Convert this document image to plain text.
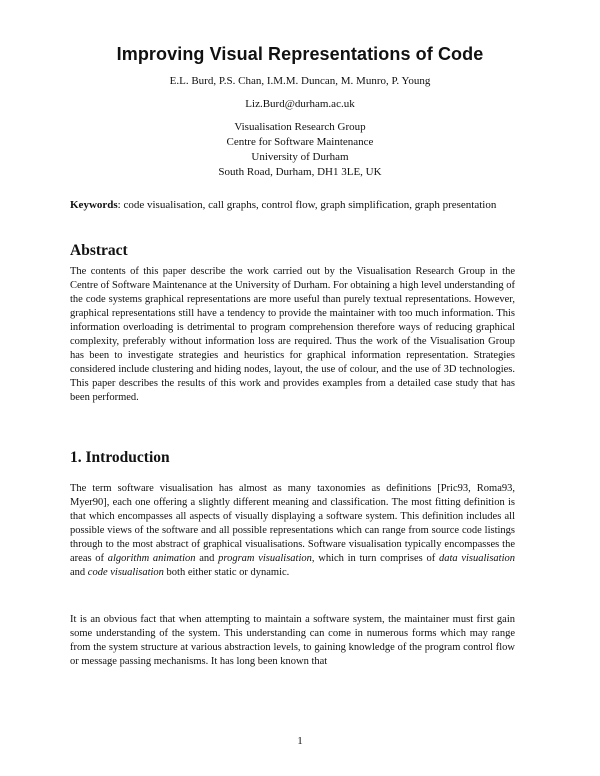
Improving Visual Representations of Code
E.L. Burd, P.S. Chan, I.M.M. Duncan, M. Munro, P. Young
Liz.Burd@durham.ac.uk
Visualisation Research Group
Centre for Software Maintenance
University of Durham
South Road, Durham, DH1 3LE, UK
Keywords: code visualisation, call graphs, control flow, graph simplification, graph presentation
Abstract

The contents of this paper describe the work carried out by the Visualisation Research Group in the Centre of Software Maintenance at the University of Durham. For obtaining a high level understanding of the code systems graphical representations are more useful than purely textual representations. However, graphical representations still have a tendency to provide the maintainer with too much information. This information overloading is detrimental to program comprehension therefore ways of reducing graphical complexity, preferably without information loss are required. Thus the work of the Visualisation Group has been to investigate strategies and heuristics for graphical information representation. Strategies considered include clustering and hiding nodes, layout, the use of colour, and the use of 3D technologies. This paper describes the results of this work and provides examples from a detailed case study that has been performed.

1. Introduction

The term software visualisation has almost as many taxonomies as definitions [Pric93, Roma93, Myer90], each one offering a slightly different meaning and classification. The most fitting definition is that which encompasses all aspects of visually displaying a software system. This definition includes all possible views of the software and all possible representations which can range from source code listings through to the most abstract of graphical visualisations. Software visualisation typically encompasses the areas of algorithm animation and program visualisation, which in turn comprises of data visualisation and code visualisation both either static or dynamic.

It is an obvious fact that when attempting to maintain a software system, the maintainer must first gain some understanding of the system. This understanding can come in numerous forms which may range from the system structure at various abstraction levels, to gaining knowledge of the program control flow or message passing mechanisms. It has long been known that

1
